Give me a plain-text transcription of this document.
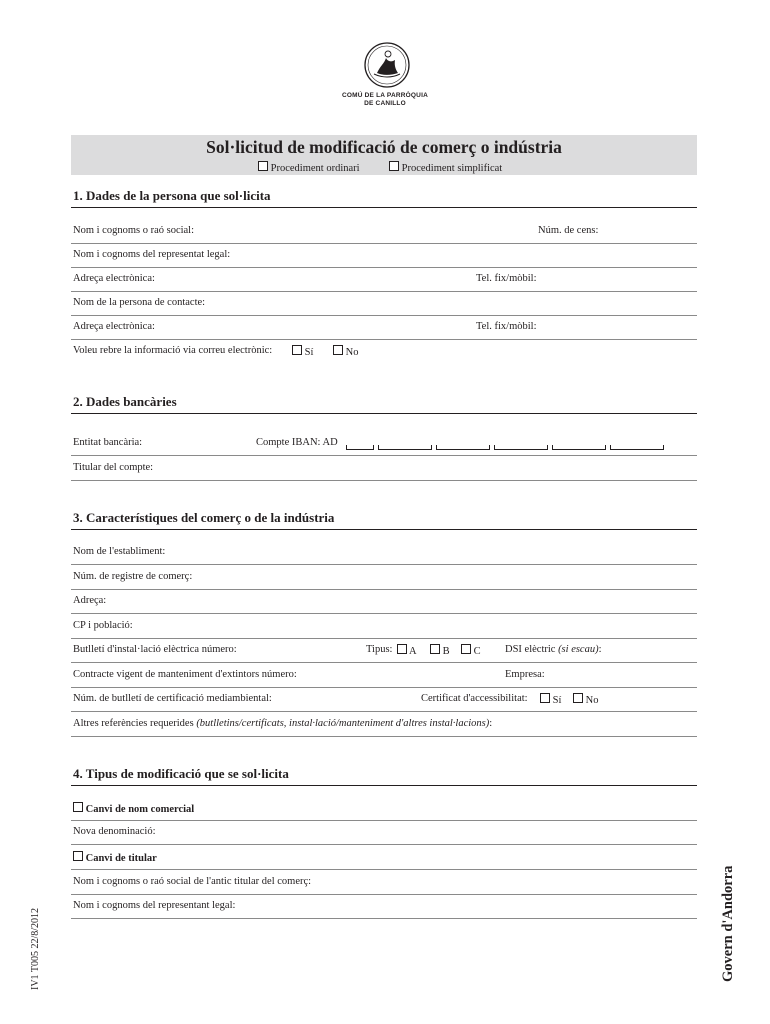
COMÚ DE LA PARRÒQUIA
DE CANILLO
Sol·licitud de modificació de comerç o indústria
Procediment ordinari	Procediment simplificat
1. Dades de la persona que sol·licita
Nom i cognoms o raó social:	Núm. de cens:
Nom i cognoms del representat legal:
Adreça electrònica:	Tel. fix/mòbil:
Nom de la persona de contacte:
Adreça electrònica:	Tel. fix/mòbil:
Voleu rebre la informació via correu electrònic:	Sí	No
2. Dades bancàries
Entitat bancària:	Compte IBAN: AD
Titular del compte:
3. Característiques del comerç o de la indústria
Nom de l'establiment:
Núm. de registre de comerç:
Adreça:
CP i població:
Butlletí d'instal·lació elèctrica número:	Tipus:	A	B	C DSI elèctric (si escau):
Contracte vigent de manteniment d'extintors número:	Empresa:
Núm. de butlletí de certificació mediambiental:	Certificat d'accessibilitat:	Sí	No
Altres referències requerides (butlletins/certificats, instal·lació/manteniment d'altres instal·lacions):
4. Tipus de modificació que se sol·licita
Canvi de nom comercial
Nova denominació:
Canvi de titular
Nom i cognoms o raó social de l'antic titular del comerç:
Nom i cognoms del representant legal:
IV1 T005 22/8/2012	Govern d'Andorra
